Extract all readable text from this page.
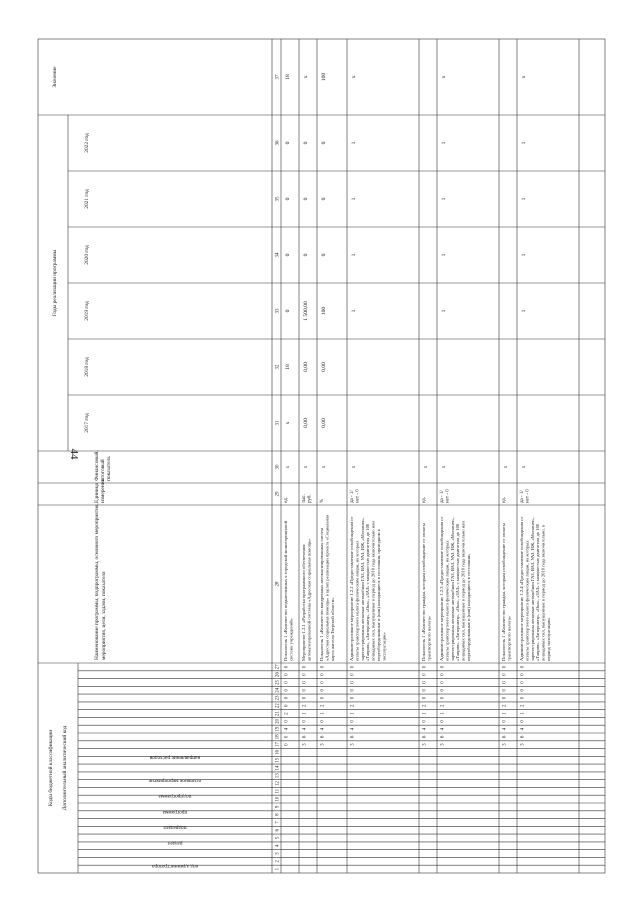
44
Коды бюджетной классификации Дополнительный аналитический код
Наименование программы, подпрограммы, основного мероприятия,мероприятия, цели, задачи, показателя
Единицаизмерения
Финансовый,итоговыйпоказатель
Годы реализации программы
2017 год
2018 год
2019 год
2020 год
2021 год
2022 год
Значение
код администратора
раздел
подраздел
программа
подпрограмма
основное мероприятие
направление расходов
1
2
3
4
5
6
7
8
9
10
11
12
13
14
15
16
17
18
19
20
21
22
23
24
25
26
27
28
29
30
31
32
33
34
35
36
37
0
0
4
0
2
0
0
0
0
0
0
Показатель 1 «Количество подключенных к городской мониторинговойсистеме учреждений»
ед.
х
х
18
0
0
0
0
18
3
6
4
0
1
2
0
0
0
0
0
Мероприятие 1.2.1 «Разработка программного обеспеченияавтоматизированной системы «Адресная социальная помощь»
тыс.руб.
х
0,00
0,00
1 500,00
0
0
0
х
3
6
4
0
1
2
0
0
0
0
0
Показатель 1 «Количество внедренных автоматизированных систем«Адресная социальная помощь» в целях реализации проекта «Социальнаякарта жителя Тверской области»
%
х
0,00
0,00
100
0
0
0
100
3
6
4
0
1
2
0
0
0
0
0
Административное мероприятие 1.2.2 «Предоставление освобождения отоплаты транспортного налога физическим лицам, на которыхзарегистрированы легковые автомобили ГАЗ, ВАЗ, УАЗ, ИЖ, «Москвич»,«Таврия», «Запорожец», «Ока», «ЗАЗ» с мощностью двигателя до 100лошадиных сил, выпущенные в период до 2010 года включительно илипереоборудованные и (или) находящиеся в состоянии, пригодном кэксплуатации»
да - 1/нет - 0
х
1
1
1
1
х
3
6
4
0
1
2
0
0
0
0
0
Показатель 1 «Количество граждан, которым освобождение от оплатытранспортного налога»
ед.
х
3
6
4
0
1
2
0
0
0
0
0
Административное мероприятие 1.2.3 «Предоставление освобождения отоплаты транспортного налога физическим лицам, на которыхзарегистрированы легковые автомобили ГАЗ, ВАЗ, УАЗ, ИЖ, «Москвич»,«Таврия», «Запорожец», «Ока», «ЗАЗ» с мощностью двигателя до 100лошадиных сил, выпущенные в период до 2010 года включительно илипереоборудованные и (или) находящиеся в состоянии»
да - 1/нет - 0
х
1
1
1
1
х
3
6
4
0
1
2
0
0
0
0
0
Показатель 1 «Количество граждан, которым освобождение от оплатытранспортного налога»
ед.
х
3
6
4
0
1
2
0
0
0
0
0
Административное мероприятие 1.2.4 «Предоставление освобождения отоплаты транспортного налога физическим лицам, на которыхзарегистрированы легковые автомобили ГАЗ, ВАЗ, УАЗ, ИЖ, «Москвич»,«Таврия», «Запорожец», «Ока», «ЗАЗ» с мощностью двигателя до 100лошадиных сил, выпущенные в период до 2010 года включительно, впериод эксплуатации»
да - 1/нет - 0
х
1
1
1
1
х
